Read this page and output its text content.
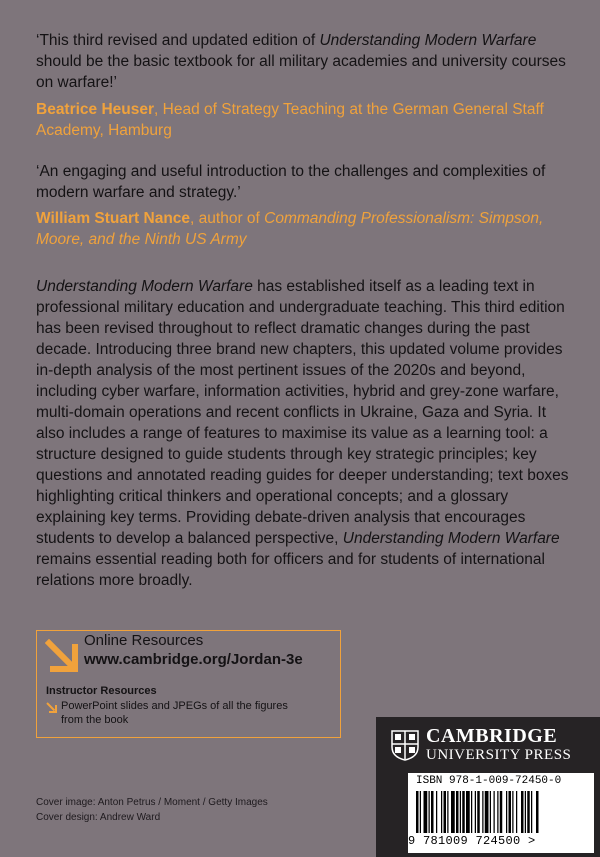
‘This third revised and updated edition of Understanding Modern Warfare should be the basic textbook for all military academies and university courses on warfare!’
Beatrice Heuser, Head of Strategy Teaching at the German General Staff Academy, Hamburg
‘An engaging and useful introduction to the challenges and complexities of modern warfare and strategy.’
William Stuart Nance, author of Commanding Professionalism: Simpson, Moore, and the Ninth US Army
Understanding Modern Warfare has established itself as a leading text in professional military education and undergraduate teaching. This third edition has been revised throughout to reflect dramatic changes during the past decade. Introducing three brand new chapters, this updated volume provides in-depth analysis of the most pertinent issues of the 2020s and beyond, including cyber warfare, information activities, hybrid and grey-zone warfare, multi-domain operations and recent conflicts in Ukraine, Gaza and Syria. It also includes a range of features to maximise its value as a learning tool: a structure designed to guide students through key strategic principles; key questions and annotated reading guides for deeper understanding; text boxes highlighting critical thinkers and operational concepts; and a glossary explaining key terms. Providing debate-driven analysis that encourages students to develop a balanced perspective, Understanding Modern Warfare remains essential reading both for officers and for students of international relations more broadly.
Online Resources
www.cambridge.org/Jordan-3e
Instructor Resources
PowerPoint slides and JPEGs of all the figures from the book
Cover image: Anton Petrus / Moment / Getty Images
Cover design: Andrew Ward
CAMBRIDGE
UNIVERSITY PRESS
ISBN 978-1-009-72450-0
9 781009 724500 >
